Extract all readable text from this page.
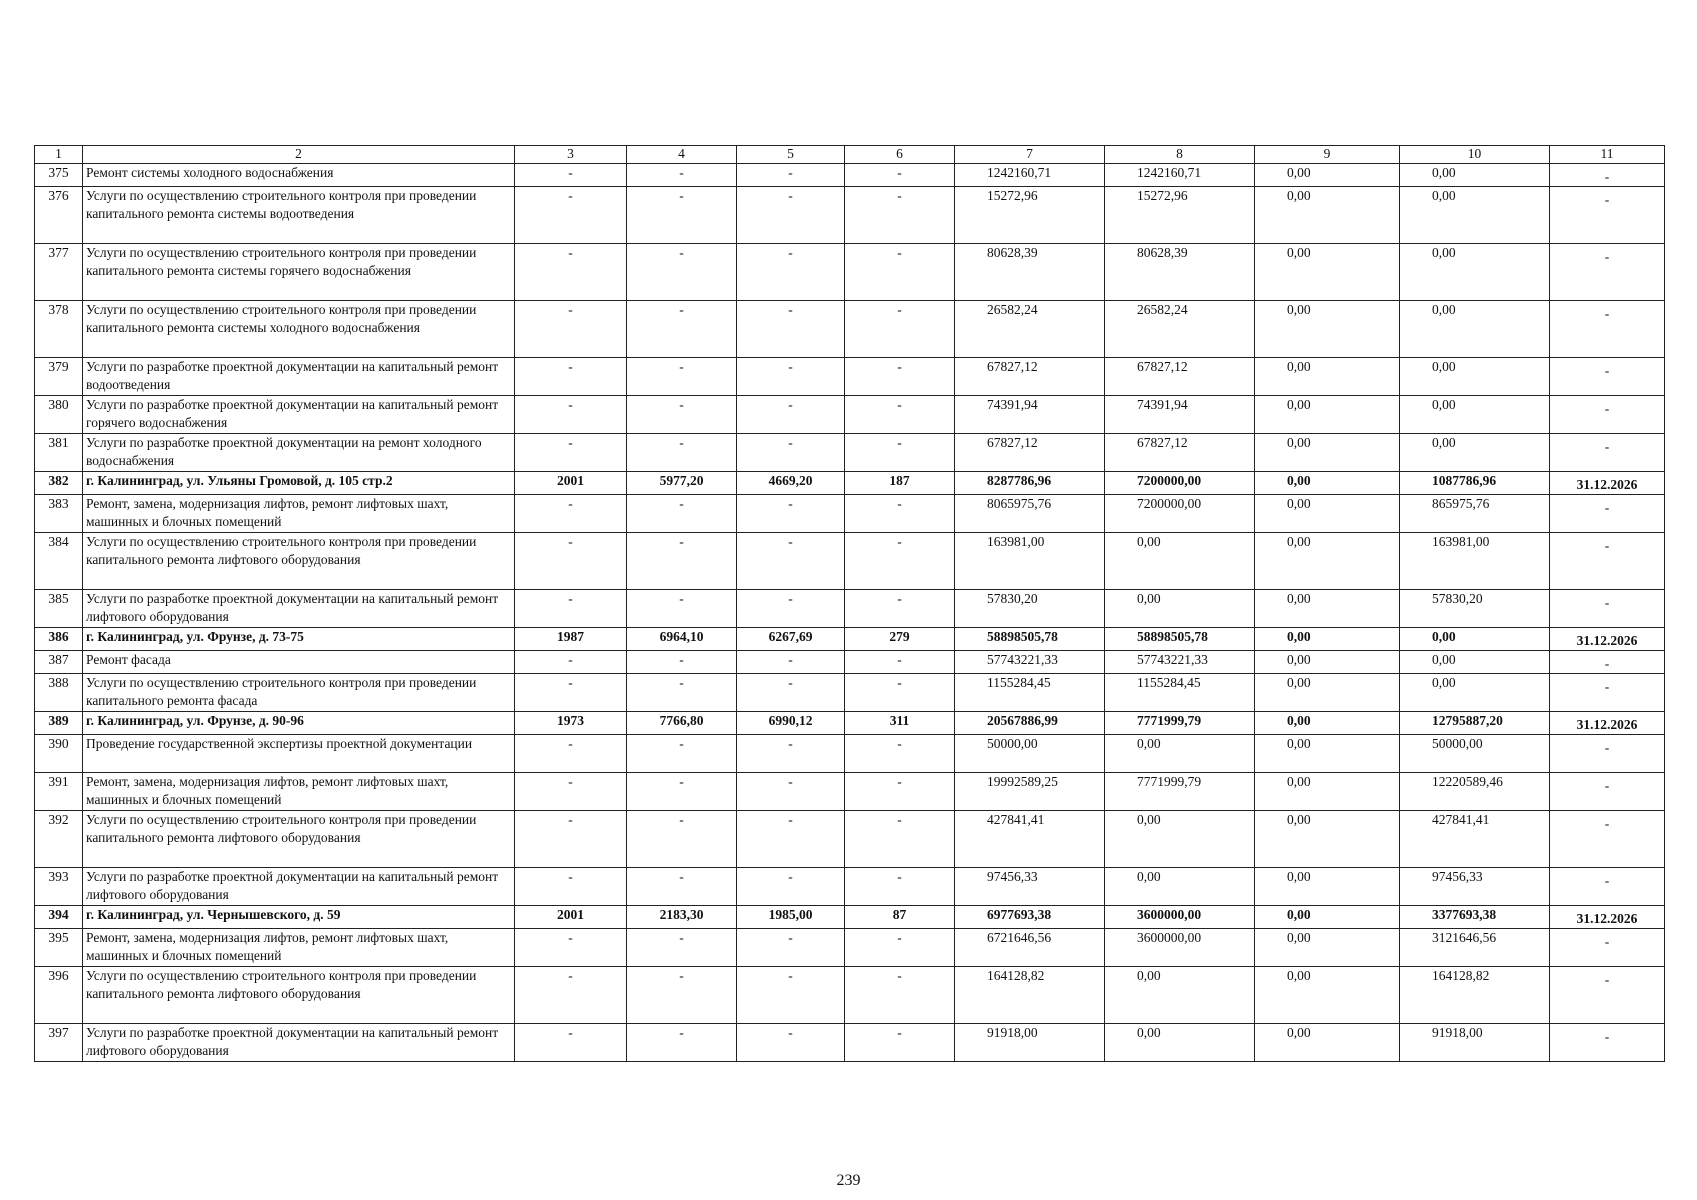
1	2	3	4	5	6	7	8	9	10	11
375	Ремонт системы холодного водоснабжения	-	-	-	-	1242160,71	1242160,71	0,00	0,00	-
376	Услуги по осуществлению строительного контроля при проведении капитального ремонта системы водоотведения	-	-	-	-	15272,96	15272,96	0,00	0,00	-
377	Услуги по осуществлению строительного контроля при проведении капитального ремонта системы горячего водоснабжения	-	-	-	-	80628,39	80628,39	0,00	0,00	-
378	Услуги по осуществлению строительного контроля при проведении капитального ремонта системы холодного водоснабжения	-	-	-	-	26582,24	26582,24	0,00	0,00	-
379	Услуги по разработке проектной документации на капитальный ремонт водоотведения	-	-	-	-	67827,12	67827,12	0,00	0,00	-
380	Услуги по разработке проектной документации на капитальный ремонт горячего водоснабжения	-	-	-	-	74391,94	74391,94	0,00	0,00	-
381	Услуги по разработке проектной документации на ремонт холодного водоснабжения	-	-	-	-	67827,12	67827,12	0,00	0,00	-
382	г. Калининград, ул. Ульяны Громовой, д. 105 стр.2	2001	5977,20	4669,20	187	8287786,96	7200000,00	0,00	1087786,96	31.12.2026
383	Ремонт, замена, модернизация лифтов, ремонт лифтовых шахт, машинных и блочных помещений	-	-	-	-	8065975,76	7200000,00	0,00	865975,76	-
384	Услуги по осуществлению строительного контроля при проведении капитального ремонта лифтового оборудования	-	-	-	-	163981,00	0,00	0,00	163981,00	-
385	Услуги по разработке проектной документации на капитальный ремонт лифтового оборудования	-	-	-	-	57830,20	0,00	0,00	57830,20	-
386	г. Калининград, ул. Фрунзе, д. 73-75	1987	6964,10	6267,69	279	58898505,78	58898505,78	0,00	0,00	31.12.2026
387	Ремонт фасада	-	-	-	-	57743221,33	57743221,33	0,00	0,00	-
388	Услуги по осуществлению строительного контроля при проведении капитального ремонта фасада	-	-	-	-	1155284,45	1155284,45	0,00	0,00	-
389	г. Калининград, ул. Фрунзе, д. 90-96	1973	7766,80	6990,12	311	20567886,99	7771999,79	0,00	12795887,20	31.12.2026
390	Проведение государственной экспертизы проектной документации	-	-	-	-	50000,00	0,00	0,00	50000,00	-
391	Ремонт, замена, модернизация лифтов, ремонт лифтовых шахт, машинных и блочных помещений	-	-	-	-	19992589,25	7771999,79	0,00	12220589,46	-
392	Услуги по осуществлению строительного контроля при проведении капитального ремонта лифтового оборудования	-	-	-	-	427841,41	0,00	0,00	427841,41	-
393	Услуги по разработке проектной документации на капитальный ремонт лифтового оборудования	-	-	-	-	97456,33	0,00	0,00	97456,33	-
394	г. Калининград, ул. Чернышевского, д. 59	2001	2183,30	1985,00	87	6977693,38	3600000,00	0,00	3377693,38	31.12.2026
395	Ремонт, замена, модернизация лифтов, ремонт лифтовых шахт, машинных и блочных помещений	-	-	-	-	6721646,56	3600000,00	0,00	3121646,56	-
396	Услуги по осуществлению строительного контроля при проведении капитального ремонта лифтового оборудования	-	-	-	-	164128,82	0,00	0,00	164128,82	-
397	Услуги по разработке проектной документации на капитальный ремонт лифтового оборудования	-	-	-	-	91918,00	0,00	0,00	91918,00	-
239
